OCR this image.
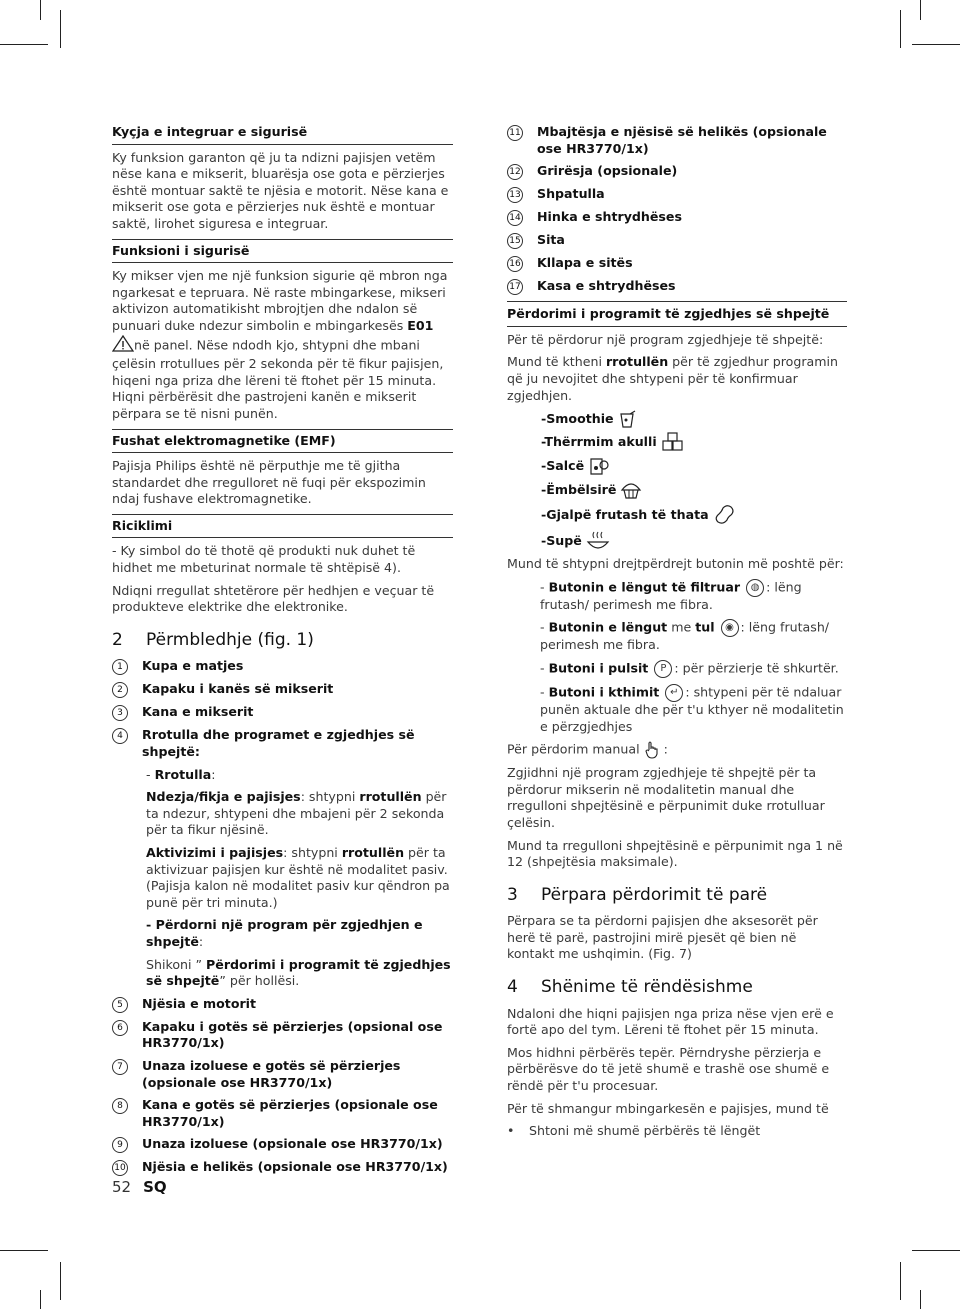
Kyçja e integruar e sigurisë

Ky funksion garanton që ju ta ndizni pajisjen vetëm nëse kana e mikserit, bluarësja ose gota e përzierjes është montuar saktë te njësia e motorit. Nëse kana e mikserit ose gota e përzierjes nuk është e montuar saktë, lirohet siguresa e integruar.

Funksioni i sigurisë

Ky mikser vjen me një funksion sigurie që mbron nga ngarkesat e tepruara. Në raste mbingarkese, mikseri aktivizon automatikisht mbrojtjen dhe ndalon së punuari duke ndezur simbolin e mbingarkesës E01 në panel. Nëse ndodh kjo, shtypni dhe mbani çelësin rrotullues për 2 sekonda për të fikur pajisjen, hiqeni nga priza dhe lëreni të ftohet për 15 minuta. Hiqni përbërësit dhe pastrojeni kanën e mikserit përpara se të nisni punën.

Fushat elektromagnetike (EMF)

Pajisja Philips është në përputhje me të gjitha standardet dhe rregulloret në fuqi për ekspozimin ndaj fushave elektromagnetike.

Riciklimi

- Ky simbol do të thotë që produkti nuk duhet të hidhet me mbeturinat normale të shtëpisë 4).

Ndiqni rregullat shtetërore për hedhjen e veçuar të produkteve elektrike dhe elektronike.

2	Përmbledhje (fig. 1)
1	Kupa e matjes
2	Kapaku i kanës së mikserit
3	Kana e mikserit
4	Rrotulla dhe programet e zgjedhjes së shpejtë:
- Rrotulla:
Ndezja/fikja e pajisjes: shtypni rrotullën për ta ndezur, shtypeni dhe mbajeni për 2 sekonda për ta fikur njësinë.
Aktivizimi i pajisjes: shtypni rrotullën për ta aktivizuar pajisjen kur është në modalitet pasiv. (Pajisja kalon në modalitet pasiv kur qëndron pa punë për tri minuta.)
- Përdorni një program për zgjedhjen e shpejtë:
Shikoni ” Përdorimi i programit të zgjedhjes së shpejtë” për hollësi.
5	Njësia e motorit
6	Kapaku i gotës së përzierjes (opsional ose HR3770/1x)
7	Unaza izoluese e gotës së përzierjes (opsionale ose HR3770/1x)
8	Kana e gotës së përzierjes (opsionale ose HR3770/1x)
9	Unaza izoluese (opsionale ose HR3770/1x)
10 Njësia e helikës (opsionale ose HR3770/1x)
11 Mbajtësja e njësisë së helikës (opsionale ose HR3770/1x)
12 Grirësja (opsionale)
13 Shpatulla
14 Hinka e shtrydhëses
15 Sita
16 Kllapa e sitës
17 Kasa e shtrydhëses
Përdorimi i programit të zgjedhjes së shpejtë

Për të përdorur një program zgjedhjeje të shpejtë:

Mund të ktheni rrotullën për të zgjedhur programin që ju nevojitet dhe shtypeni për të konfirmuar zgjedhjen.

-Smoothie
-Thërrmim akulli
-Salcë
-Ëmbëlsirë
-Gjalpë frutash të thata
-Supë

Mund të shtypni drejtpërdrejt butonin më poshtë për:

- Butonin e lëngut të filtruar ◍ : lëng frutash/ perimesh me fibra.
- Butonin e lëngut me tul ◉ : lëng frutash/ perimesh me fibra.
- Butoni i pulsit P : për përzierje të shkurtër.
- Butoni i kthimit ↵ : shtypeni për të ndaluar punën aktuale dhe për t'u kthyer në modalitetin e përzgjedhjes

Për përdorim manual  :

Zgjidhni një program zgjedhjeje të shpejtë për ta përdorur mikserin në modalitetin manual dhe rregulloni shpejtësinë e përpunimit duke rrotulluar çelësin.

Mund ta rregulloni shpejtësinë e përpunimit nga 1 në 12 (shpejtësia maksimale).

3	Përpara përdorimit të parë

Përpara se ta përdorni pajisjen dhe aksesorët për herë të parë, pastrojini mirë pjesët që bien në kontakt me ushqimin. (Fig. 7)

4	Shënime të rëndësishme

Ndaloni dhe hiqni pajisjen nga priza nëse vjen erë e fortë apo del tym. Lëreni të ftohet për 15 minuta.

Mos hidhni përbërës tepër. Përndryshe përzierja e përbërësve do të jetë shumë e trashë ose shumë e rëndë për t'u procesuar.

Për të shmangur mbingarkesën e pajisjes, mund të

• Shtoni më shumë përbërës të lëngët

52 SQ
